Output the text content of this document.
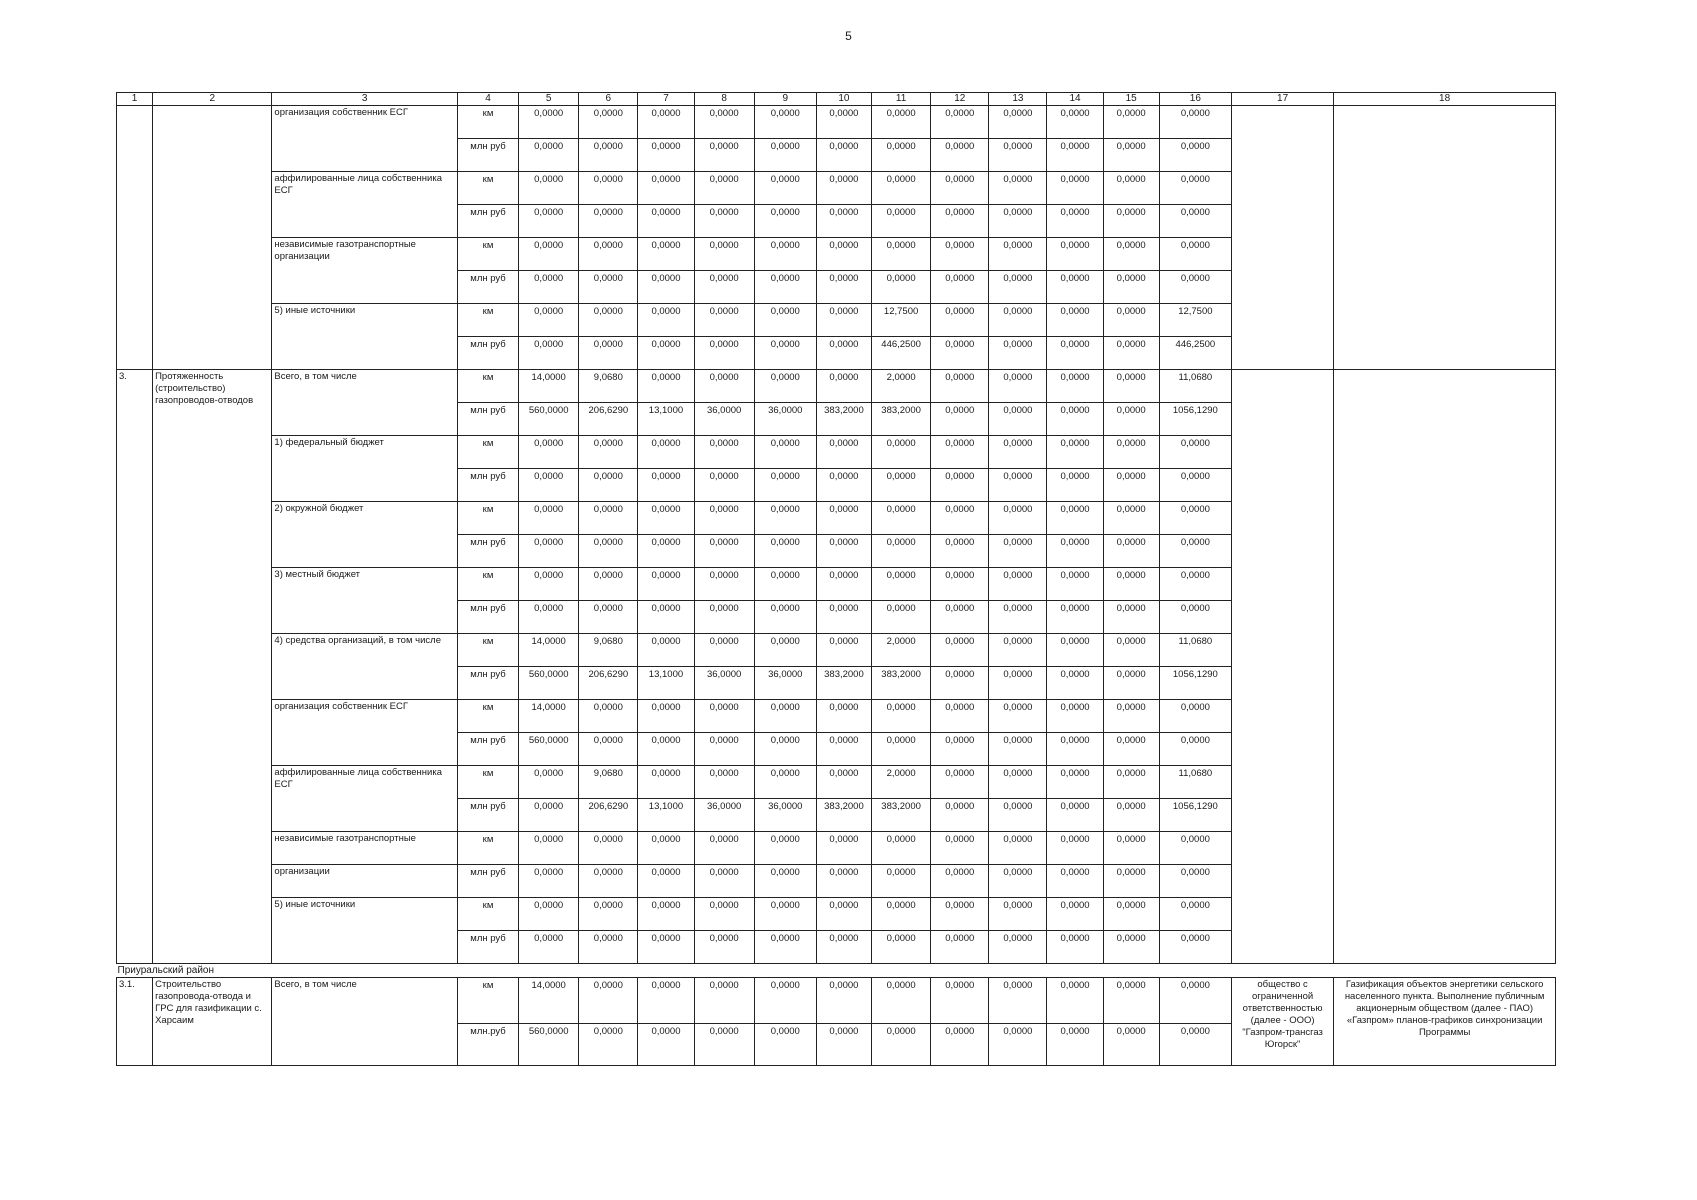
5
1	2	3	4	5	6	7	8	9	10	11	12	13	14	15	16	17	18
		организация собственник ЕСГ	км	0,0000	0,0000	0,0000	0,0000	0,0000	0,0000	0,0000	0,0000	0,0000	0,0000	0,0000	0,0000		
			млн руб	0,0000	0,0000	0,0000	0,0000	0,0000	0,0000	0,0000	0,0000	0,0000	0,0000	0,0000	0,0000		
		аффилированные лица собственника ЕСГ	км	0,0000	0,0000	0,0000	0,0000	0,0000	0,0000	0,0000	0,0000	0,0000	0,0000	0,0000	0,0000		
			млн руб	0,0000	0,0000	0,0000	0,0000	0,0000	0,0000	0,0000	0,0000	0,0000	0,0000	0,0000	0,0000		
		независимые газотранспортные организации	км	0,0000	0,0000	0,0000	0,0000	0,0000	0,0000	0,0000	0,0000	0,0000	0,0000	0,0000	0,0000		
			млн руб	0,0000	0,0000	0,0000	0,0000	0,0000	0,0000	0,0000	0,0000	0,0000	0,0000	0,0000	0,0000		
		5) иные источники	км	0,0000	0,0000	0,0000	0,0000	0,0000	0,0000	12,7500	0,0000	0,0000	0,0000	0,0000	12,7500		
			млн руб	0,0000	0,0000	0,0000	0,0000	0,0000	0,0000	446,2500	0,0000	0,0000	0,0000	0,0000	446,2500		
3.	Протяженность (строительство) газопроводов-отводов	Всего, в том числе	км	14,0000	9,0680	0,0000	0,0000	0,0000	0,0000	2,0000	0,0000	0,0000	0,0000	0,0000	11,0680		
			млн руб	560,0000	206,6290	13,1000	36,0000	36,0000	383,2000	383,2000	0,0000	0,0000	0,0000	0,0000	1056,1290		
		1) федеральный бюджет	км	0,0000	0,0000	0,0000	0,0000	0,0000	0,0000	0,0000	0,0000	0,0000	0,0000	0,0000	0,0000		
			млн руб	0,0000	0,0000	0,0000	0,0000	0,0000	0,0000	0,0000	0,0000	0,0000	0,0000	0,0000	0,0000		
		2) окружной бюджет	км	0,0000	0,0000	0,0000	0,0000	0,0000	0,0000	0,0000	0,0000	0,0000	0,0000	0,0000	0,0000		
			млн руб	0,0000	0,0000	0,0000	0,0000	0,0000	0,0000	0,0000	0,0000	0,0000	0,0000	0,0000	0,0000		
		3) местный бюджет	км	0,0000	0,0000	0,0000	0,0000	0,0000	0,0000	0,0000	0,0000	0,0000	0,0000	0,0000	0,0000		
			млн руб	0,0000	0,0000	0,0000	0,0000	0,0000	0,0000	0,0000	0,0000	0,0000	0,0000	0,0000	0,0000		
		4) средства организаций, в том числе	км	14,0000	9,0680	0,0000	0,0000	0,0000	0,0000	2,0000	0,0000	0,0000	0,0000	0,0000	11,0680		
			млн руб	560,0000	206,6290	13,1000	36,0000	36,0000	383,2000	383,2000	0,0000	0,0000	0,0000	0,0000	1056,1290		
		организация собственник ЕСГ	км	14,0000	0,0000	0,0000	0,0000	0,0000	0,0000	0,0000	0,0000	0,0000	0,0000	0,0000	0,0000		
			млн руб	560,0000	0,0000	0,0000	0,0000	0,0000	0,0000	0,0000	0,0000	0,0000	0,0000	0,0000	0,0000		
		аффилированные лица собственника ЕСГ	км	0,0000	9,0680	0,0000	0,0000	0,0000	0,0000	2,0000	0,0000	0,0000	0,0000	0,0000	11,0680		
			млн руб	0,0000	206,6290	13,1000	36,0000	36,0000	383,2000	383,2000	0,0000	0,0000	0,0000	0,0000	1056,1290		
		независимые газотранспортные	км	0,0000	0,0000	0,0000	0,0000	0,0000	0,0000	0,0000	0,0000	0,0000	0,0000	0,0000	0,0000		
		организации	млн руб	0,0000	0,0000	0,0000	0,0000	0,0000	0,0000	0,0000	0,0000	0,0000	0,0000	0,0000	0,0000		
		5) иные источники	км	0,0000	0,0000	0,0000	0,0000	0,0000	0,0000	0,0000	0,0000	0,0000	0,0000	0,0000	0,0000		
			млн руб	0,0000	0,0000	0,0000	0,0000	0,0000	0,0000	0,0000	0,0000	0,0000	0,0000	0,0000	0,0000		
Приуральский район																	
3.1.	Строительство газопровода-отвода и ГРС для газификации с. Харсаим	Всего, в том числе	км	14,0000	0,0000	0,0000	0,0000	0,0000	0,0000	0,0000	0,0000	0,0000	0,0000	0,0000	0,0000	общество с ограниченной ответственностью (далее - ООО) "Газпром-трансгаз Югорск"	Газификация объектов энергетики сельского населенного пункта. Выполнение публичным акционерным обществом (далее - ПАО) «Газпром» планов-графиков синхронизации Программы
			млн.руб	560,0000	0,0000	0,0000	0,0000	0,0000	0,0000	0,0000	0,0000	0,0000	0,0000	0,0000	0,0000		
